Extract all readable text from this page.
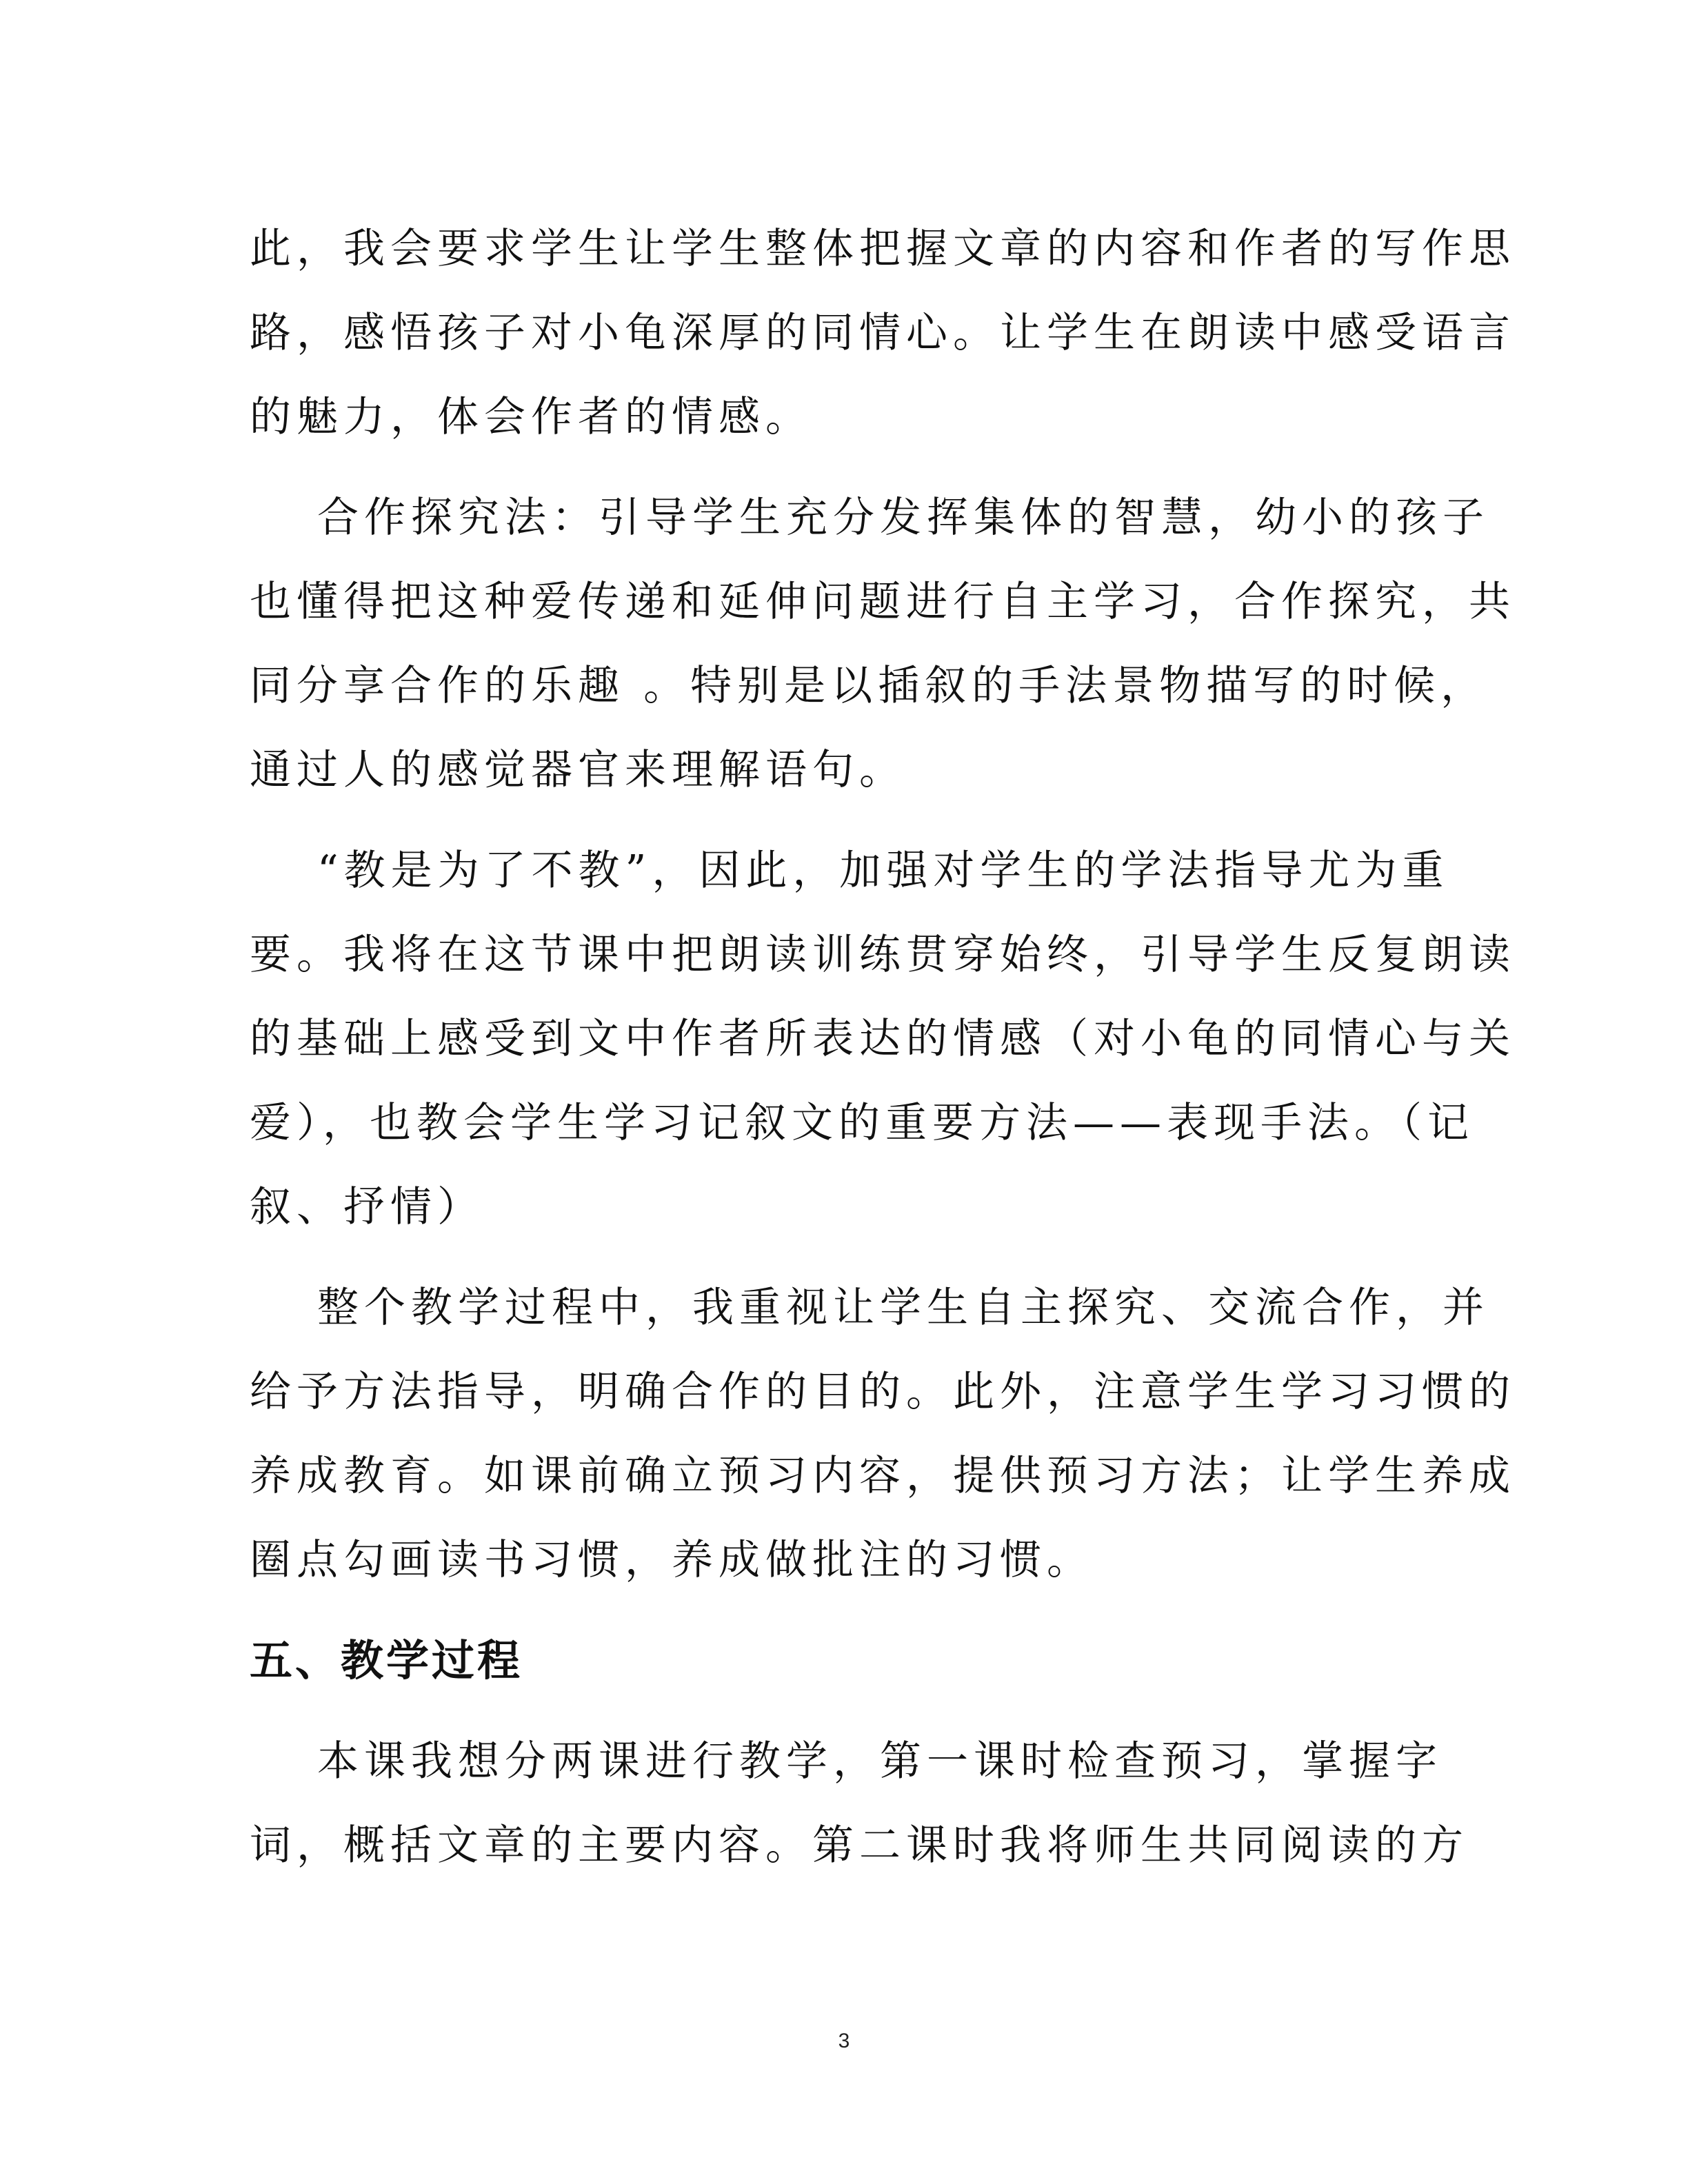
此，我会要求学生让学生整体把握文章的内容和作者的写作思
路，感悟孩子对小龟深厚的同情心。让学生在朗读中感受语言
的魅力，体会作者的情感。
合作探究法：引导学生充分发挥集体的智慧，幼小的孩子
也懂得把这种爱传递和延伸问题进行自主学习，合作探究，共
同分享合作的乐趣 。特别是以插叙的手法景物描写的时候，
通过人的感觉器官来理解语句。
“教是为了不教”，因此，加强对学生的学法指导尤为重
要。我将在这节课中把朗读训练贯穿始终，引导学生反复朗读
的基础上感受到文中作者所表达的情感（对小龟的同情心与关
爱），也教会学生学习记叙文的重要方法——表现手法。（记
叙、抒情）
整个教学过程中，我重视让学生自主探究、交流合作，并
给予方法指导，明确合作的目的。此外，注意学生学习习惯的
养成教育。如课前确立预习内容，提供预习方法；让学生养成
圈点勾画读书习惯，养成做批注的习惯。
五、教学过程
本课我想分两课进行教学，第一课时检查预习，掌握字
词，概括文章的主要内容。第二课时我将师生共同阅读的方
3
